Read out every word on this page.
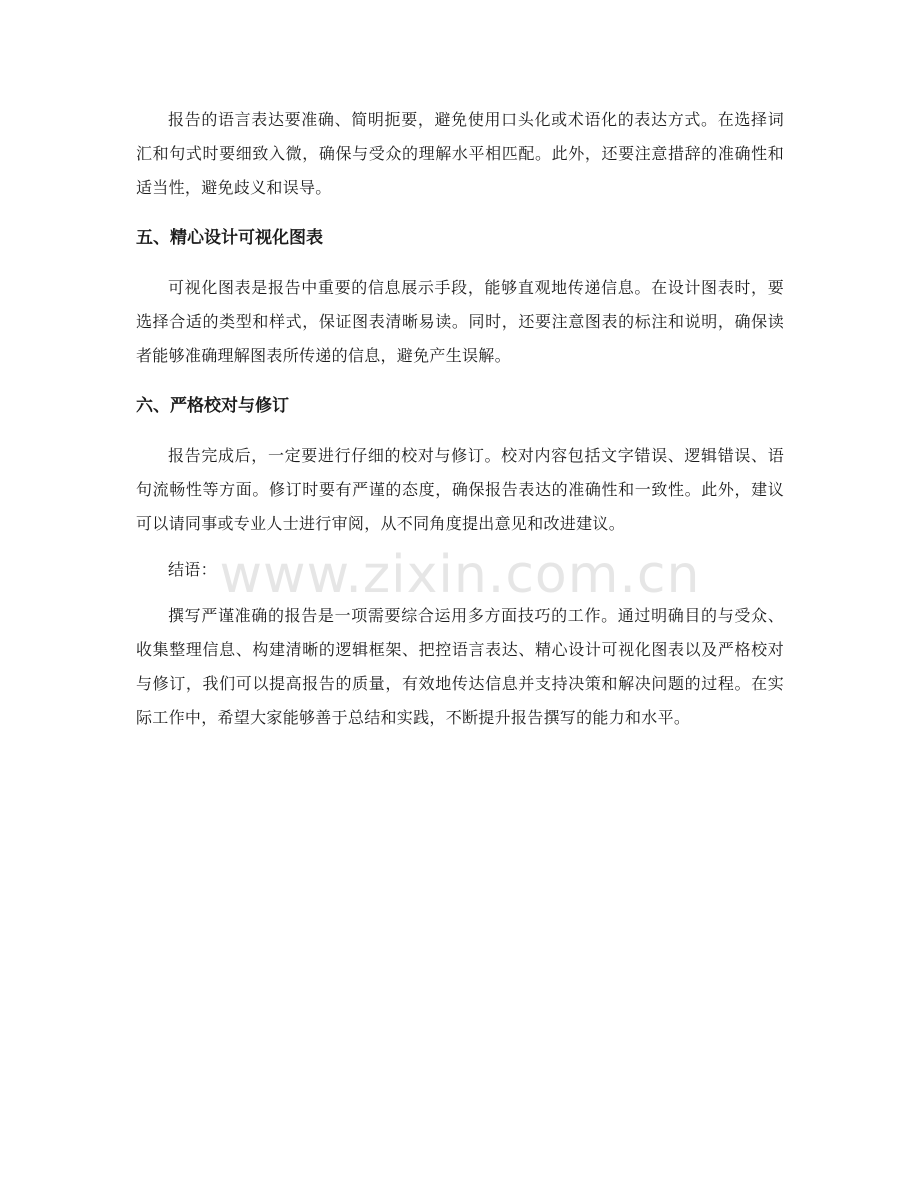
报告的语言表达要准确、简明扼要，避免使用口头化或术语化的表达方式。在选择词汇和句式时要细致入微，确保与受众的理解水平相匹配。此外，还要注意措辞的准确性和适当性，避免歧义和误导。

五、精心设计可视化图表

可视化图表是报告中重要的信息展示手段，能够直观地传递信息。在设计图表时，要选择合适的类型和样式，保证图表清晰易读。同时，还要注意图表的标注和说明，确保读者能够准确理解图表所传递的信息，避免产生误解。

六、严格校对与修订

报告完成后，一定要进行仔细的校对与修订。校对内容包括文字错误、逻辑错误、语句流畅性等方面。修订时要有严谨的态度，确保报告表达的准确性和一致性。此外，建议可以请同事或专业人士进行审阅，从不同角度提出意见和改进建议。

结语：

撰写严谨准确的报告是一项需要综合运用多方面技巧的工作。通过明确目的与受众、收集整理信息、构建清晰的逻辑框架、把控语言表达、精心设计可视化图表以及严格校对与修订，我们可以提高报告的质量，有效地传达信息并支持决策和解决问题的过程。在实际工作中，希望大家能够善于总结和实践，不断提升报告撰写的能力和水平。

www.zixin.com.cn
